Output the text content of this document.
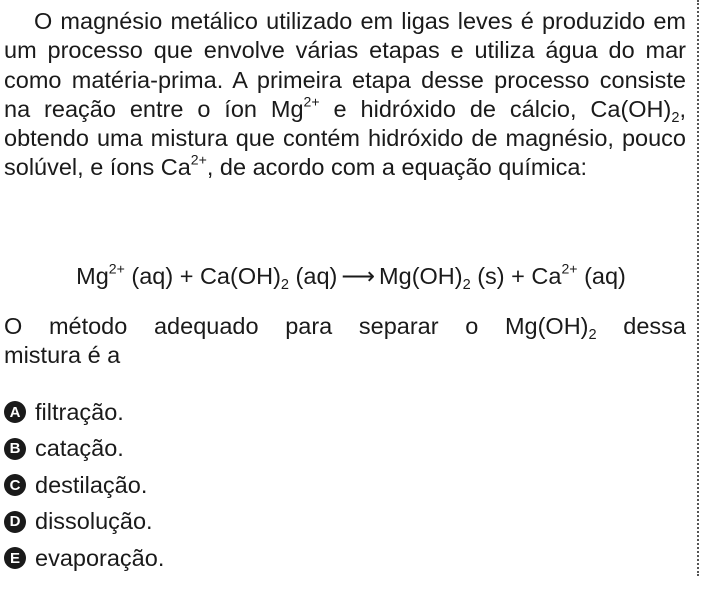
O magnésio metálico utilizado em ligas leves é produzido em um processo que envolve várias etapas e utiliza água do mar como matéria-prima. A primeira etapa desse processo consiste na reação entre o íon $Mg^{2+}$ e hidróxido de cálcio, $Ca(OH)_2$, obtendo uma mistura que contém hidróxido de magnésio, pouco solúvel, e íons $Ca^{2+}$, de acordo com a equação química:

$Mg^{2+}$ $(aq) + Ca(OH)_2$ (aq) ⟶ $Mg(OH)_2$ $(s) + Ca^{2+}$ (aq)

O método adequado para separar o $Mg(OH)_2$ dessa
mistura é a

A filtração.
B catação.
C destilação.
D dissolução.
E evaporação.
